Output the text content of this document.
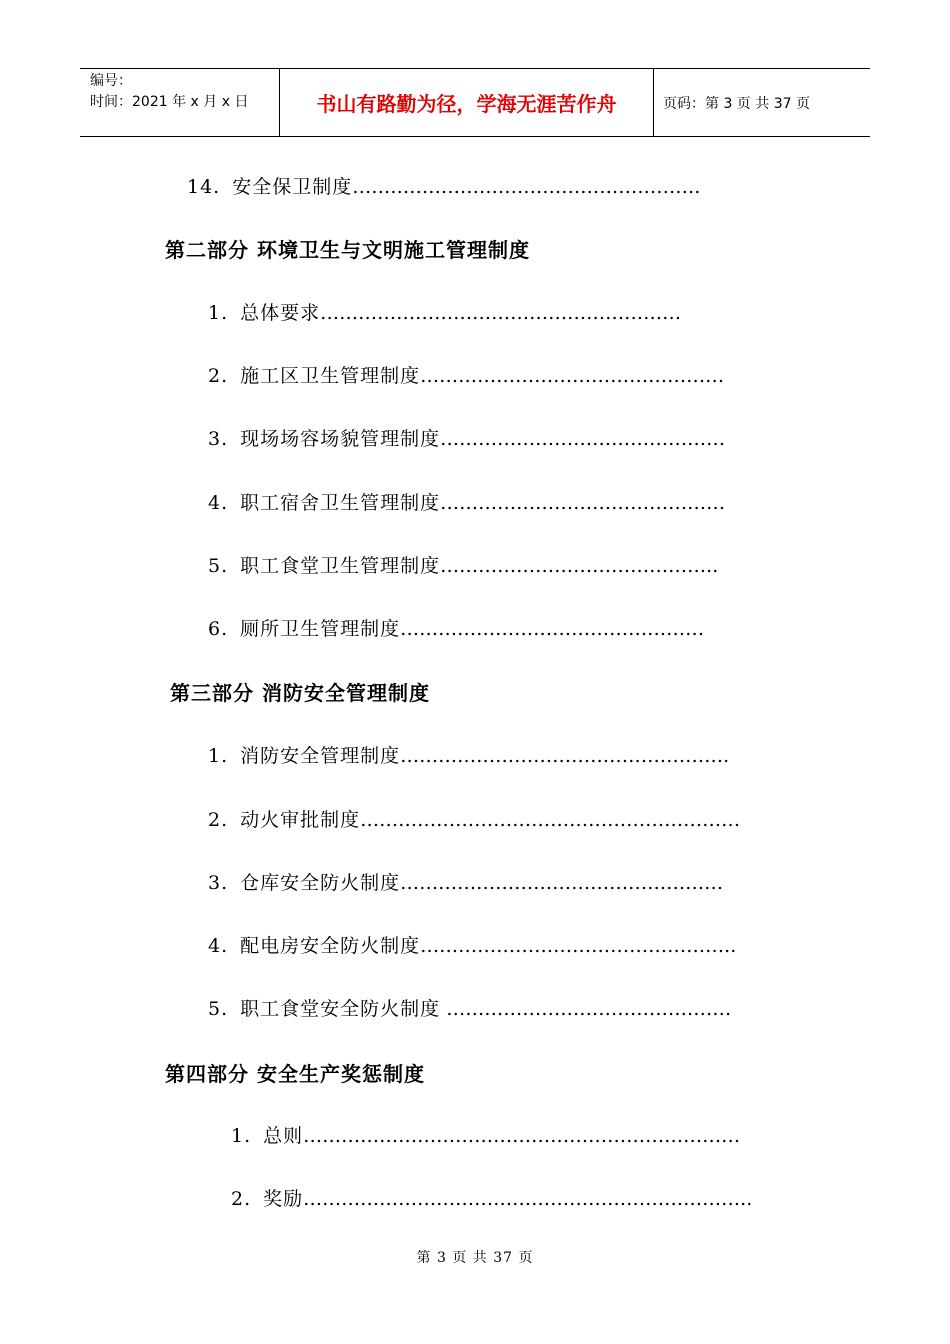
编号：
时间：2021 年 x 月 x 日	书山有路勤为径，学海无涯苦作舟	页码：第 3 页 共 37 页
14. 安全保卫制度……………………………………………….
第二部分 环境卫生与文明施工管理制度
1. 总体要求…………………………………………………
2. 施工区卫生管理制度…………………………………………
3. 现场场容场貌管理制度………………………………………
4. 职工宿舍卫生管理制度………………………………………
5. 职工食堂卫生管理制度……………………………………..
6. 厕所卫生管理制度…………………………………………
第三部分 消防安全管理制度
1. 消防安全管理制度…………………………………………….
2. 动火审批制度……………………………………………………
3. 仓库安全防火制度……………………………………………
4. 配电房安全防火制度…………………………………………..
5. 职工食堂安全防火制度 ………………………………………
第四部分 安全生产奖惩制度
1. 总则……………………………………………………………
2. 奖励……………………………………………………………..
第 3 页 共 37 页
